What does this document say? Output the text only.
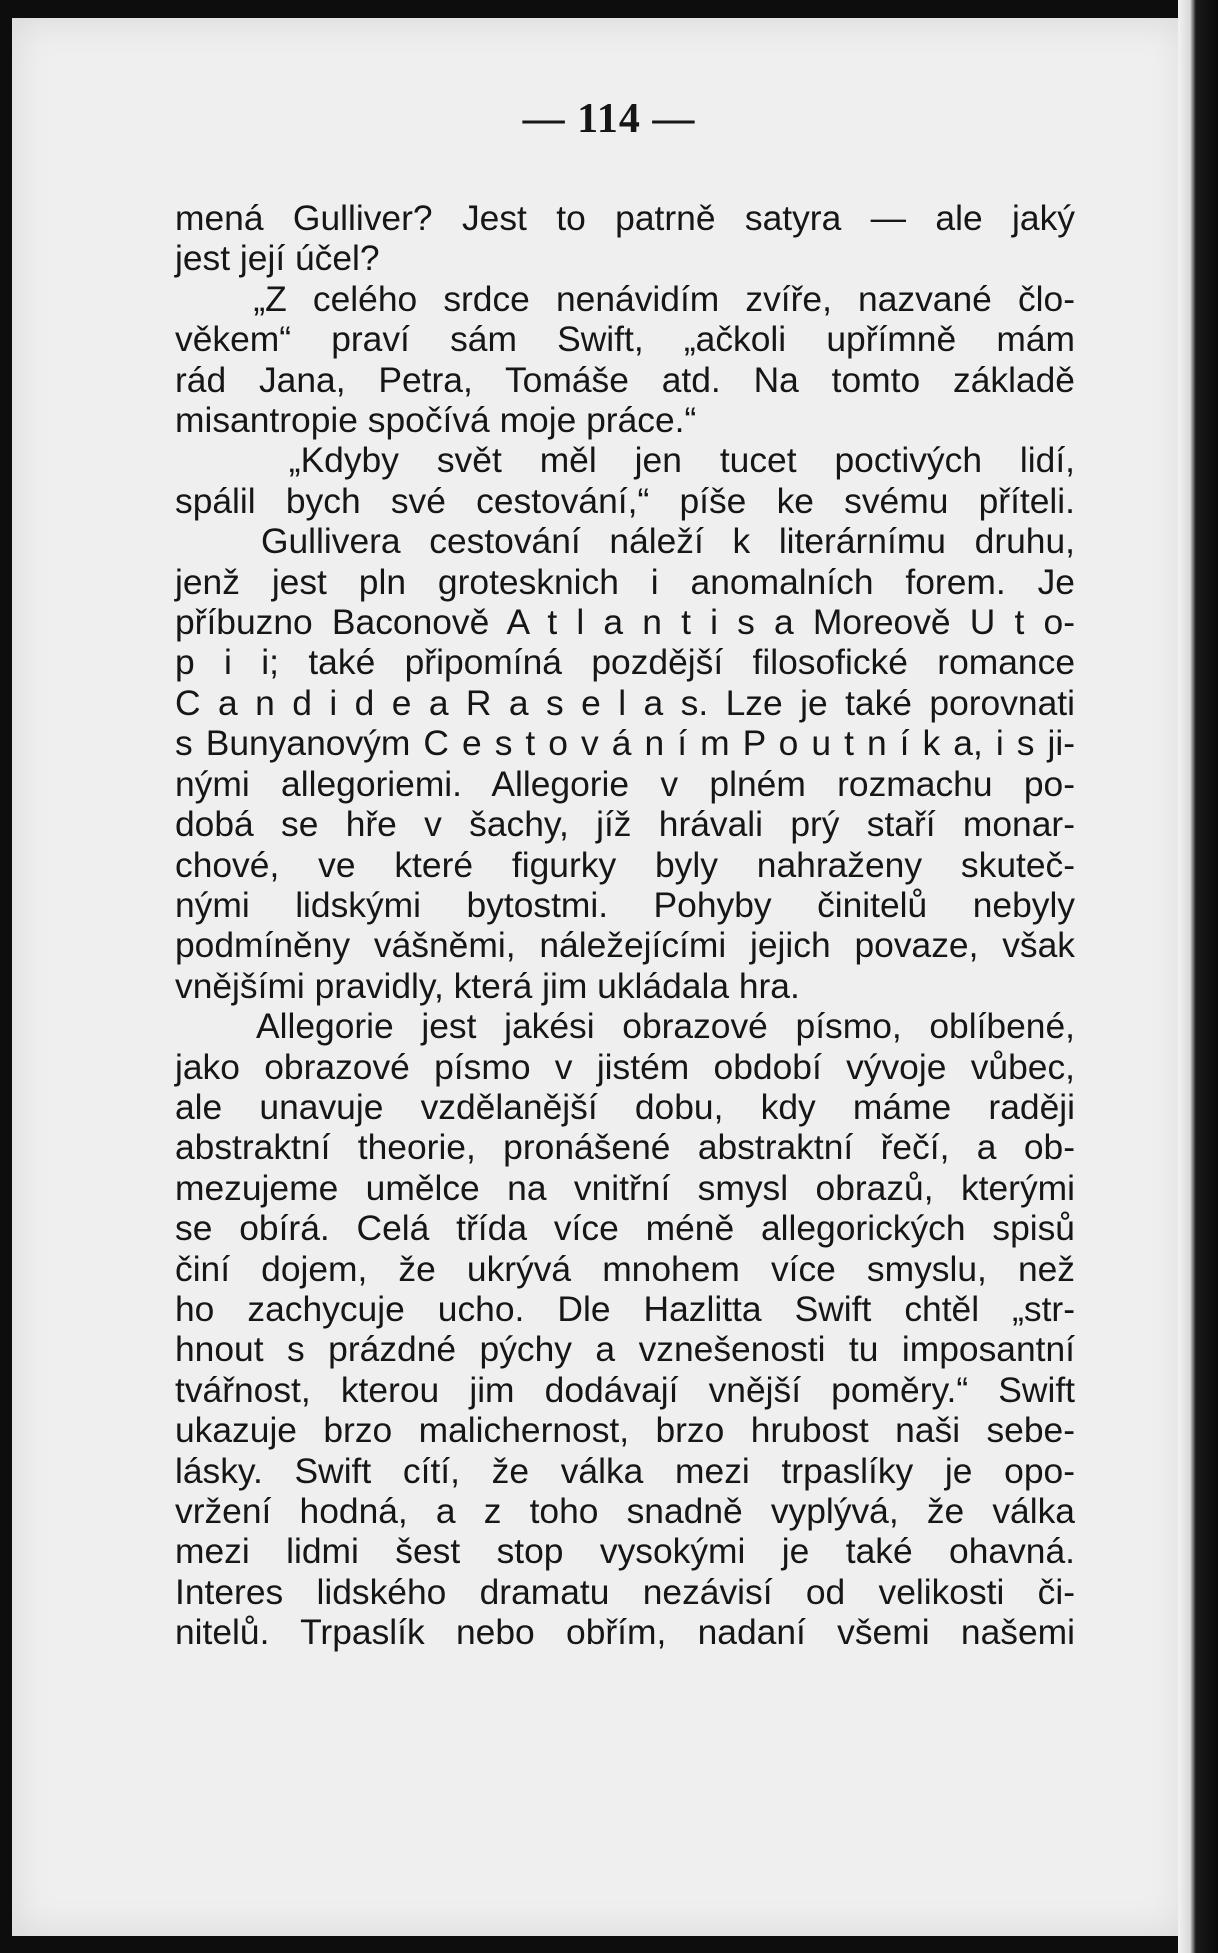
— 114 —
mená Gulliver? Jest to patrně satyra — ale jaký
jest její účel?
„Z celého srdce nenávidím zvíře, nazvané člo-
věkem“ praví sám Swift, „ačkoli upřímně mám
rád Jana, Petra, Tomáše atd. Na tomto základě
misantropie spočívá moje práce.“
„Kdyby svět měl jen tucet poctivých lidí,
spálil bych své cestování,“ píše ke svému příteli.
Gullivera cestování náleží k literárnímu druhu,
jenž jest pln grotesknich i anomalních forem. Je
příbuzno Baconově A t l a n t i s a Moreově U t o-
p i i; také připomíná pozdější filosofické romance
C a n d i d e a R a s e l a s. Lze je také porovnati
s Bunyanovým C e s t o v á n í m P o u t n í k a, i s ji-
nými allegoriemi. Allegorie v plném rozmachu po-
dobá se hře v šachy, jíž hrávali prý staří monar-
chové, ve které figurky byly nahraženy skuteč-
nými lidskými bytostmi. Pohyby činitelů nebyly
podmíněny vášněmi, náležejícími jejich povaze, však
vnějšími pravidly, která jim ukládala hra.
Allegorie jest jakési obrazové písmo, oblíbené,
jako obrazové písmo v jistém období vývoje vůbec,
ale unavuje vzdělanější dobu, kdy máme raději
abstraktní theorie, pronášené abstraktní řečí, a ob-
mezujeme umělce na vnitřní smysl obrazů, kterými
se obírá. Celá třída více méně allegorických spisů
činí dojem, že ukrývá mnohem více smyslu, než
ho zachycuje ucho. Dle Hazlitta Swift chtěl „str-
hnout s prázdné pýchy a vznešenosti tu imposantní
tvářnost, kterou jim dodávají vnější poměry.“ Swift
ukazuje brzo malichernost, brzo hrubost naši sebe-
lásky. Swift cítí, že válka mezi trpaslíky je opo-
vržení hodná, a z toho snadně vyplývá, že válka
mezi lidmi šest stop vysokými je také ohavná.
Interes lidského dramatu nezávisí od velikosti či-
nitelů. Trpaslík nebo obřím, nadaní všemi našemi
